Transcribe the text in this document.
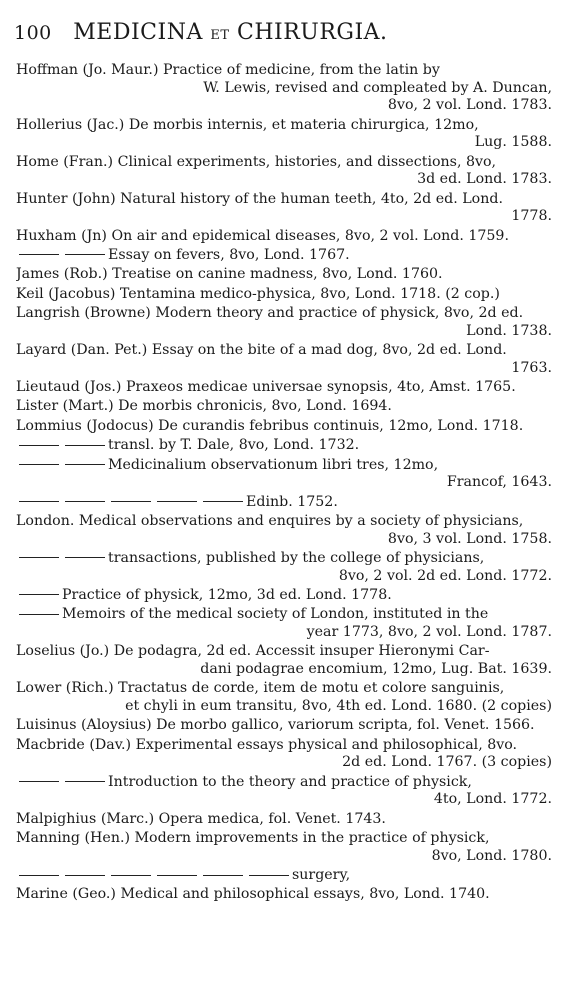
100 MEDICINA ET CHIRURGIA.
Hoffman (Jo. Maur.) Practice of medicine, from the latin by
W. Lewis, revised and compleated by A. Duncan,
8vo, 2 vol. Lond. 1783.
Hollerius (Jac.) De morbis internis, et materia chirurgica, 12mo,
Lug. 1588.
Home (Fran.) Clinical experiments, histories, and dissections, 8vo,
3d ed. Lond. 1783.
Hunter (John) Natural history of the human teeth, 4to, 2d ed. Lond.
1778.
Huxham (Jn) On air and epidemical diseases, 8vo, 2 vol. Lond. 1759.
Essay on fevers, 8vo, Lond. 1767.
James (Rob.) Treatise on canine madness, 8vo, Lond. 1760.
Keil (Jacobus) Tentamina medico-physica, 8vo, Lond. 1718. (2 cop.)
Langrish (Browne) Modern theory and practice of physick, 8vo, 2d ed.
Lond. 1738.
Layard (Dan. Pet.) Essay on the bite of a mad dog, 8vo, 2d ed. Lond.
1763.
Lieutaud (Jos.) Praxeos medicae universae synopsis, 4to, Amst. 1765.
Lister (Mart.) De morbis chronicis, 8vo, Lond. 1694.
Lommius (Jodocus) De curandis febribus continuis, 12mo, Lond. 1718.
transl. by T. Dale, 8vo, Lond. 1732.
Medicinalium observationum libri tres, 12mo,
Francof, 1643.
Edinb. 1752.
London. Medical observations and enquires by a society of physicians,
8vo, 3 vol. Lond. 1758.
transactions, published by the college of physicians,
8vo, 2 vol. 2d ed. Lond. 1772.
Practice of physick, 12mo, 3d ed. Lond. 1778.
Memoirs of the medical society of London, instituted in the
year 1773, 8vo, 2 vol. Lond. 1787.
Loselius (Jo.) De podagra, 2d ed. Accessit insuper Hieronymi Car-
dani podagrae encomium, 12mo, Lug. Bat. 1639.
Lower (Rich.) Tractatus de corde, item de motu et colore sanguinis,
et chyli in eum transitu, 8vo, 4th ed. Lond. 1680. (2 copies)
Luisinus (Aloysius) De morbo gallico, variorum scripta, fol. Venet. 1566.
Macbride (Dav.) Experimental essays physical and philosophical, 8vo.
2d ed. Lond. 1767. (3 copies)
Introduction to the theory and practice of physick,
4to, Lond. 1772.
Malpighius (Marc.) Opera medica, fol. Venet. 1743.
Manning (Hen.) Modern improvements in the practice of physick,
8vo, Lond. 1780.
surgery,
Marine (Geo.) Medical and philosophical essays, 8vo, Lond. 1740.
